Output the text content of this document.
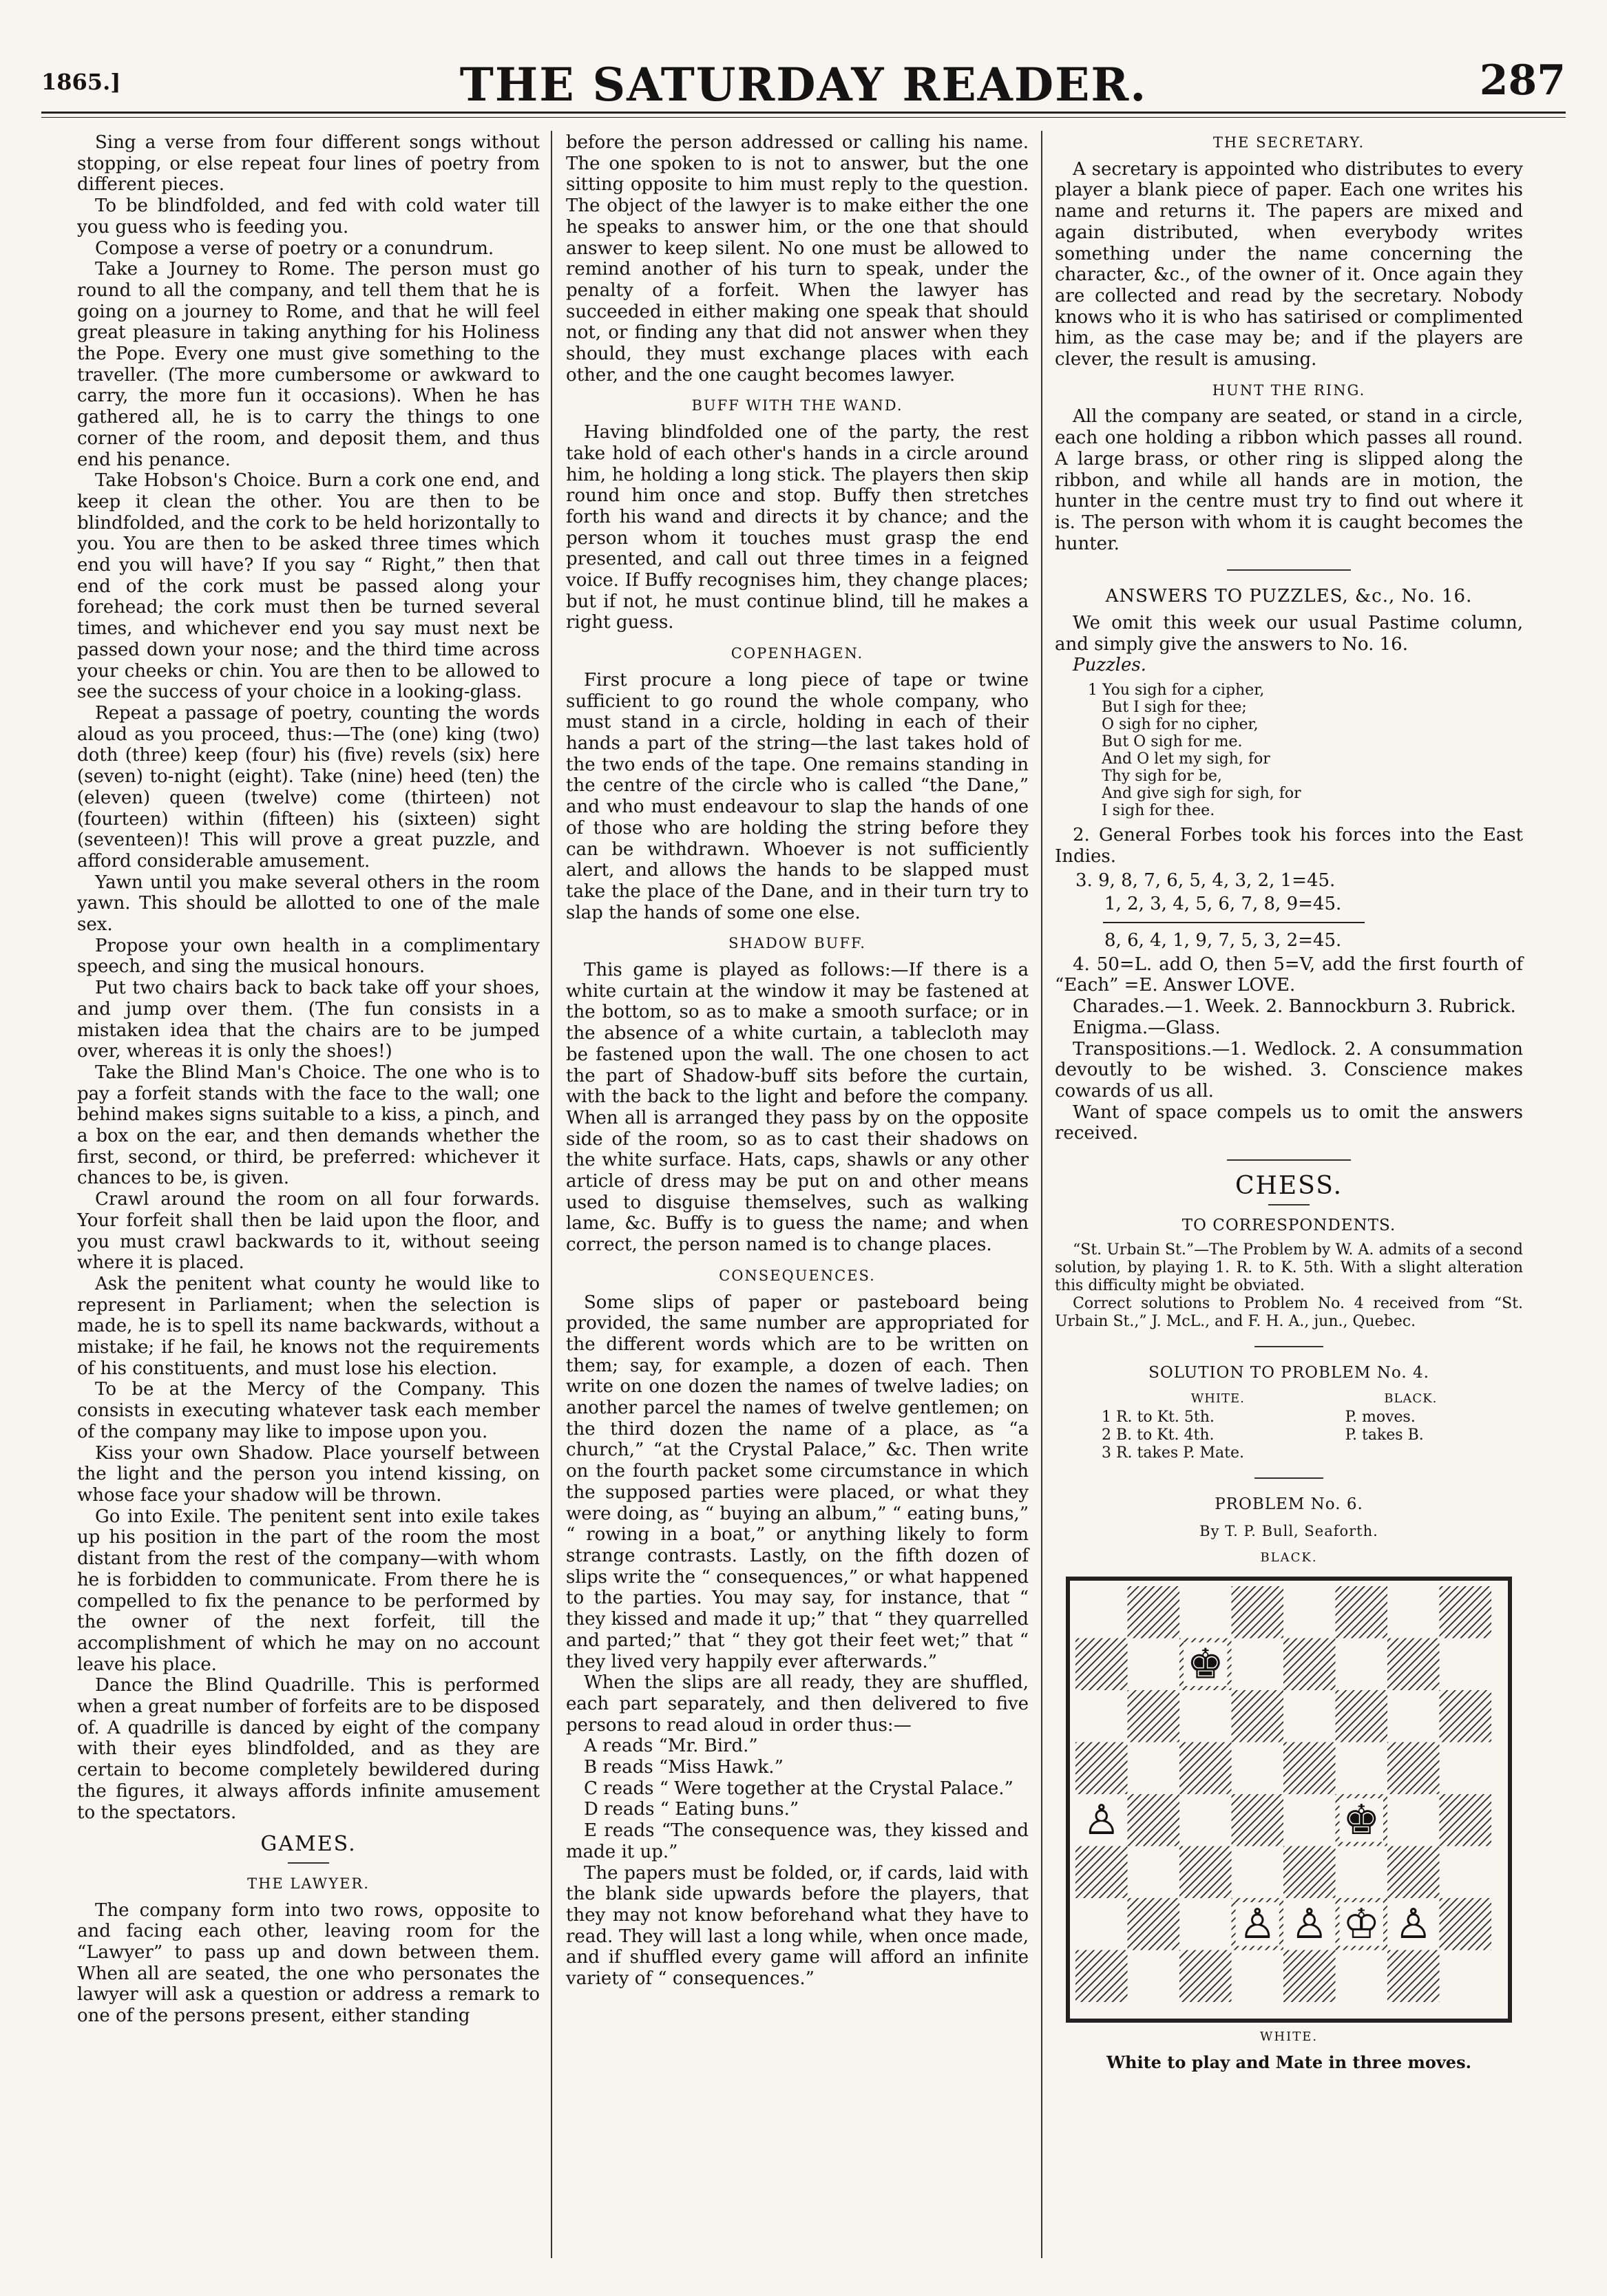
1865.]	THE SATURDAY READER.	287

Sing a verse from four different songs without stopping, or else repeat four lines of poetry from different pieces.

To be blindfolded, and fed with cold water till you guess who is feeding you.

Compose a verse of poetry or a conundrum.

Take a Journey to Rome. The person must go round to all the company, and tell them that he is going on a journey to Rome, and that he will feel great pleasure in taking anything for his Holiness the Pope. Every one must give something to the traveller. (The more cumbersome or awkward to carry, the more fun it occasions). When he has gathered all, he is to carry the things to one corner of the room, and deposit them, and thus end his penance.

Take Hobson's Choice. Burn a cork one end, and keep it clean the other. You are then to be blindfolded, and the cork to be held horizontally to you. You are then to be asked three times which end you will have? If you say “ Right,” then that end of the cork must be passed along your forehead; the cork must then be turned several times, and whichever end you say must next be passed down your nose; and the third time across your cheeks or chin. You are then to be allowed to see the success of your choice in a looking-glass.

Repeat a passage of poetry, counting the words aloud as you proceed, thus:—The (one) king (two) doth (three) keep (four) his (five) revels (six) here (seven) to-night (eight). Take (nine) heed (ten) the (eleven) queen (twelve) come (thirteen) not (fourteen) within (fifteen) his (sixteen) sight (seventeen)! This will prove a great puzzle, and afford considerable amusement.

Yawn until you make several others in the room yawn. This should be allotted to one of the male sex.

Propose your own health in a complimentary speech, and sing the musical honours.

Put two chairs back to back take off your shoes, and jump over them. (The fun consists in a mistaken idea that the chairs are to be jumped over, whereas it is only the shoes!)

Take the Blind Man's Choice. The one who is to pay a forfeit stands with the face to the wall; one behind makes signs suitable to a kiss, a pinch, and a box on the ear, and then demands whether the first, second, or third, be preferred: whichever it chances to be, is given.

Crawl around the room on all four forwards. Your forfeit shall then be laid upon the floor, and you must crawl backwards to it, without seeing where it is placed.

Ask the penitent what county he would like to represent in Parliament; when the selection is made, he is to spell its name backwards, without a mistake; if he fail, he knows not the requirements of his constituents, and must lose his election.

To be at the Mercy of the Company. This consists in executing whatever task each member of the company may like to impose upon you.

Kiss your own Shadow. Place yourself between the light and the person you intend kissing, on whose face your shadow will be thrown.

Go into Exile. The penitent sent into exile takes up his position in the part of the room the most distant from the rest of the company—with whom he is forbidden to communicate. From there he is compelled to fix the penance to be performed by the owner of the next forfeit, till the accomplishment of which he may on no account leave his place.

Dance the Blind Quadrille. This is performed when a great number of forfeits are to be disposed of. A quadrille is danced by eight of the company with their eyes blindfolded, and as they are certain to become completely bewildered during the figures, it always affords infinite amusement to the spectators.

GAMES.
THE LAWYER.

The company form into two rows, opposite to and facing each other, leaving room for the “Lawyer” to pass up and down between them. When all are seated, the one who personates the lawyer will ask a question or address a remark to one of the persons present, either standing

before the person addressed or calling his name. The one spoken to is not to answer, but the one sitting opposite to him must reply to the question. The object of the lawyer is to make either the one he speaks to answer him, or the one that should answer to keep silent. No one must be allowed to remind another of his turn to speak, under the penalty of a forfeit. When the lawyer has succeeded in either making one speak that should not, or finding any that did not answer when they should, they must exchange places with each other, and the one caught becomes lawyer.

BUFF WITH THE WAND.

Having blindfolded one of the party, the rest take hold of each other's hands in a circle around him, he holding a long stick. The players then skip round him once and stop. Buffy then stretches forth his wand and directs it by chance; and the person whom it touches must grasp the end presented, and call out three times in a feigned voice. If Buffy recognises him, they change places; but if not, he must continue blind, till he makes a right guess.

COPENHAGEN.

First procure a long piece of tape or twine sufficient to go round the whole company, who must stand in a circle, holding in each of their hands a part of the string—the last takes hold of the two ends of the tape. One remains standing in the centre of the circle who is called “the Dane,” and who must endeavour to slap the hands of one of those who are holding the string before they can be withdrawn. Whoever is not sufficiently alert, and allows the hands to be slapped must take the place of the Dane, and in their turn try to slap the hands of some one else.

SHADOW BUFF.

This game is played as follows:—If there is a white curtain at the window it may be fastened at the bottom, so as to make a smooth surface; or in the absence of a white curtain, a tablecloth may be fastened upon the wall. The one chosen to act the part of Shadow-buff sits before the curtain, with the back to the light and before the company. When all is arranged they pass by on the opposite side of the room, so as to cast their shadows on the white surface. Hats, caps, shawls or any other article of dress may be put on and other means used to disguise themselves, such as walking lame, &c. Buffy is to guess the name; and when correct, the person named is to change places.

CONSEQUENCES.

Some slips of paper or pasteboard being provided, the same number are appropriated for the different words which are to be written on them; say, for example, a dozen of each. Then write on one dozen the names of twelve ladies; on another parcel the names of twelve gentlemen; on the third dozen the name of a place, as “a church,” “at the Crystal Palace,” &c. Then write on the fourth packet some circumstance in which the supposed parties were placed, or what they were doing, as “ buying an album,” “ eating buns,” “ rowing in a boat,” or anything likely to form strange contrasts. Lastly, on the fifth dozen of slips write the “ consequences,” or what happened to the parties. You may say, for instance, that “ they kissed and made it up;” that “ they quarrelled and parted;” that “ they got their feet wet;” that “ they lived very happily ever afterwards.”

When the slips are all ready, they are shuffled, each part separately, and then delivered to five persons to read aloud in order thus:—

A reads “Mr. Bird.”

B reads “Miss Hawk.”

C reads “ Were together at the Crystal Palace.”

D reads “ Eating buns.”

E reads “The consequence was, they kissed and made it up.”

The papers must be folded, or, if cards, laid with the blank side upwards before the players, that they may not know beforehand what they have to read. They will last a long while, when once made, and if shuffled every game will afford an infinite variety of “ consequences.”

THE SECRETARY.

A secretary is appointed who distributes to every player a blank piece of paper. Each one writes his name and returns it. The papers are mixed and again distributed, when everybody writes something under the name concerning the character, &c., of the owner of it. Once again they are collected and read by the secretary. Nobody knows who it is who has satirised or complimented him, as the case may be; and if the players are clever, the result is amusing.

HUNT THE RING.

All the company are seated, or stand in a circle, each one holding a ribbon which passes all round. A large brass, or other ring is slipped along the ribbon, and while all hands are in motion, the hunter in the centre must try to find out where it is. The person with whom it is caught becomes the hunter.

ANSWERS TO PUZZLES, &c., No. 16.

We omit this week our usual Pastime column, and simply give the answers to No. 16.

Puzzles.

1 You sigh for a cipher,
But I sigh for thee;
O sigh for no cipher,
But O sigh for me.
And O let my sigh, for
Thy sigh for be,
And give sigh for sigh, for
I sigh for thee.

2. General Forbes took his forces into the East Indies.

3. 9, 8, 7, 6, 5, 4, 3, 2, 1=45.
1, 2, 3, 4, 5, 6, 7, 8, 9=45.
8, 6, 4, 1, 9, 7, 5, 3, 2=45.

4. 50=L. add O, then 5=V, add the first fourth of “Each” =E. Answer LOVE.

Charades.—1. Week. 2. Bannockburn 3. Rubrick.

Enigma.—Glass.

Transpositions.—1. Wedlock. 2. A consummation devoutly to be wished. 3. Conscience makes cowards of us all.

Want of space compels us to omit the answers received.

CHESS.
TO CORRESPONDENTS.

“St. Urbain St.”—The Problem by W. A. admits of a second solution, by playing 1. R. to K. 5th. With a slight alteration this difficulty might be obviated.

Correct solutions to Problem No. 4 received from “St. Urbain St.,” J. McL., and F. H. A., jun., Quebec.

SOLUTION TO PROBLEM No. 4.
WHITE.	BLACK.
1 R. to Kt. 5th.	P. moves.
2 B. to Kt. 4th.	P. takes B.
3 R. takes P. Mate.	
PROBLEM No. 6.
By T. P. Bull, Seaforth.
BLACK.
♚
♙	♚
♙ ♙ ♔ ♙
WHITE.
White to play and Mate in three moves.
